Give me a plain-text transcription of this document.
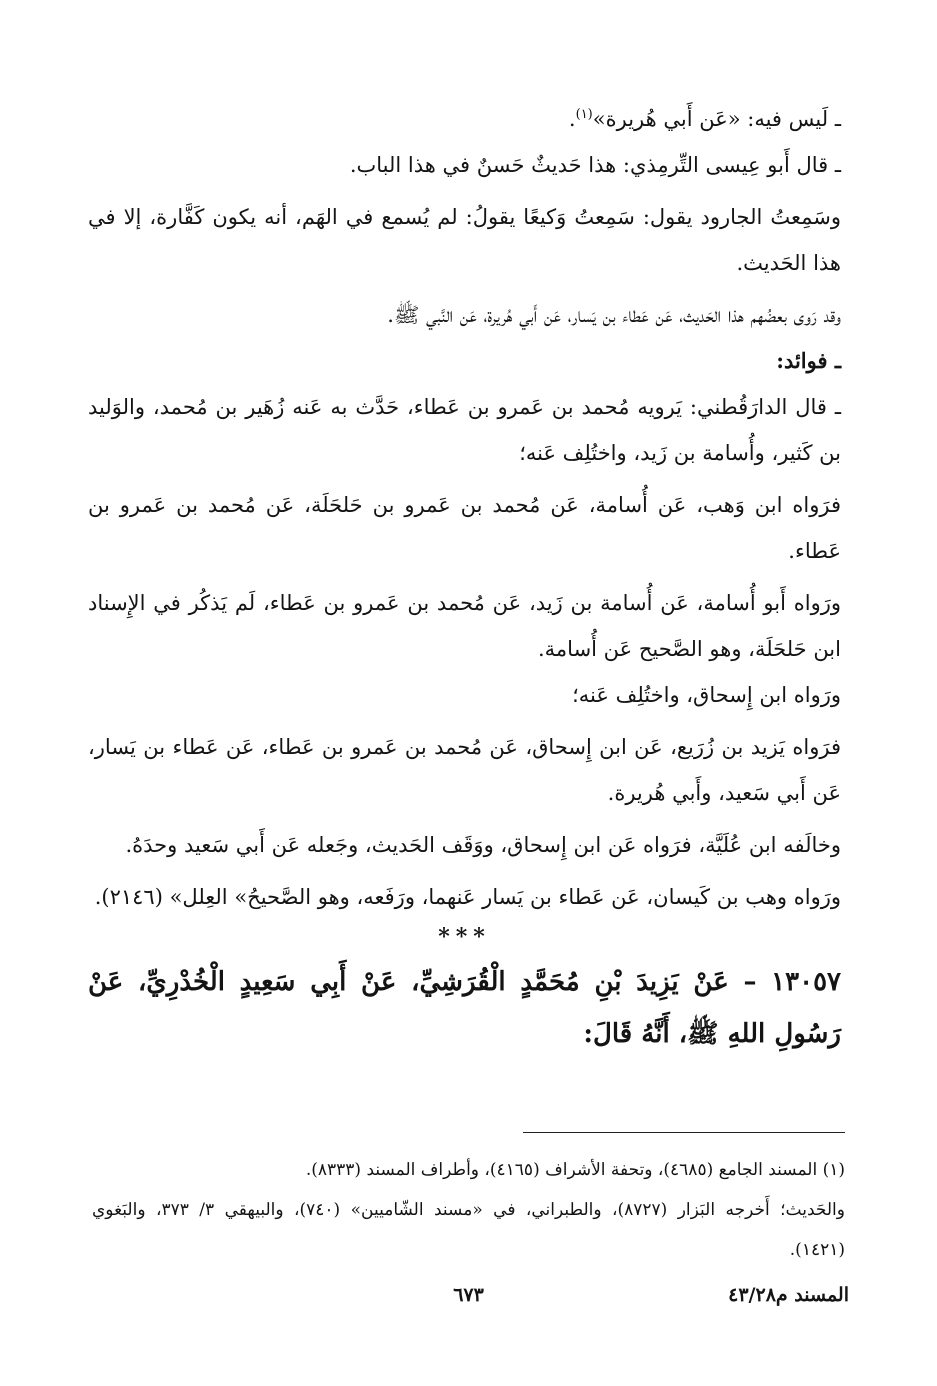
ـ لَيس فيه: «عَن أَبي هُريرة»$^{(١)}$.

ـ قال أَبو عِيسى التِّرمِذي: هذا حَديثٌ حَسنٌ في هذا الباب.

وسَمِعتُ الجارود يقول: سَمِعتُ وَكيعًا يقولُ: لم يُسمع في الهَم، أنه يكون كَفَّارة، إلا في هذا الحَديث.

وقد رَوى بعضُهم هذا الحَديث، عَن عَطاء بن يَسار، عَن أَبي هُريرة، عَن النَّبي ﷺ.

ـ فوائد:

ـ قال الدارَقُطني: يَرويه مُحمد بن عَمرو بن عَطاء، حَدَّث به عَنه زُهَير بن مُحمد، والوَليد بن كَثير، وأُسامة بن زَيد، واختُلِف عَنه؛

فرَواه ابن وَهب، عَن أُسامة، عَن مُحمد بن عَمرو بن حَلحَلَة، عَن مُحمد بن عَمرو بن عَطاء.

ورَواه أَبو أُسامة، عَن أُسامة بن زَيد، عَن مُحمد بن عَمرو بن عَطاء، لَم يَذكُر في الإِسناد ابن حَلحَلَة، وهو الصَّحيح عَن أُسامة.

ورَواه ابن إِسحاق، واختُلِف عَنه؛

فرَواه يَزيد بن زُرَيع، عَن ابن إِسحاق، عَن مُحمد بن عَمرو بن عَطاء، عَن عَطاء بن يَسار، عَن أَبي سَعيد، وأَبي هُريرة.

وخالَفه ابن عُلَيَّة، فرَواه عَن ابن إِسحاق، ووَقَف الحَديث، وجَعله عَن أَبي سَعيد وحدَهُ.

ورَواه وهب بن كَيسان، عَن عَطاء بن يَسار عَنهما، ورَفَعه، وهو الصَّحيحُ» العِلل» (٢١٤٦).

***

١٣٠٥٧ – عَنْ يَزِيدَ بْنِ مُحَمَّدٍ الْقُرَشِيِّ، عَنْ أَبِي سَعِيدٍ الْخُدْرِيِّ، عَنْ رَسُولِ اللهِ ﷺ، أَنَّهُ قَالَ:

(١) المسند الجامع (٤٦٨٥)، وتحفة الأشراف (٤١٦٥)، وأطراف المسند (٨٣٣٣).

والحَديث؛ أَخرجه البَزار (٨٧٢٧)، والطبراني، في «مسند الشّاميين» (٧٤٠)، والبيهقي ٣/ ٣٧٣، والبَغوي (١٤٢١).

المسند م٤٣/٢٨
٦٧٣
